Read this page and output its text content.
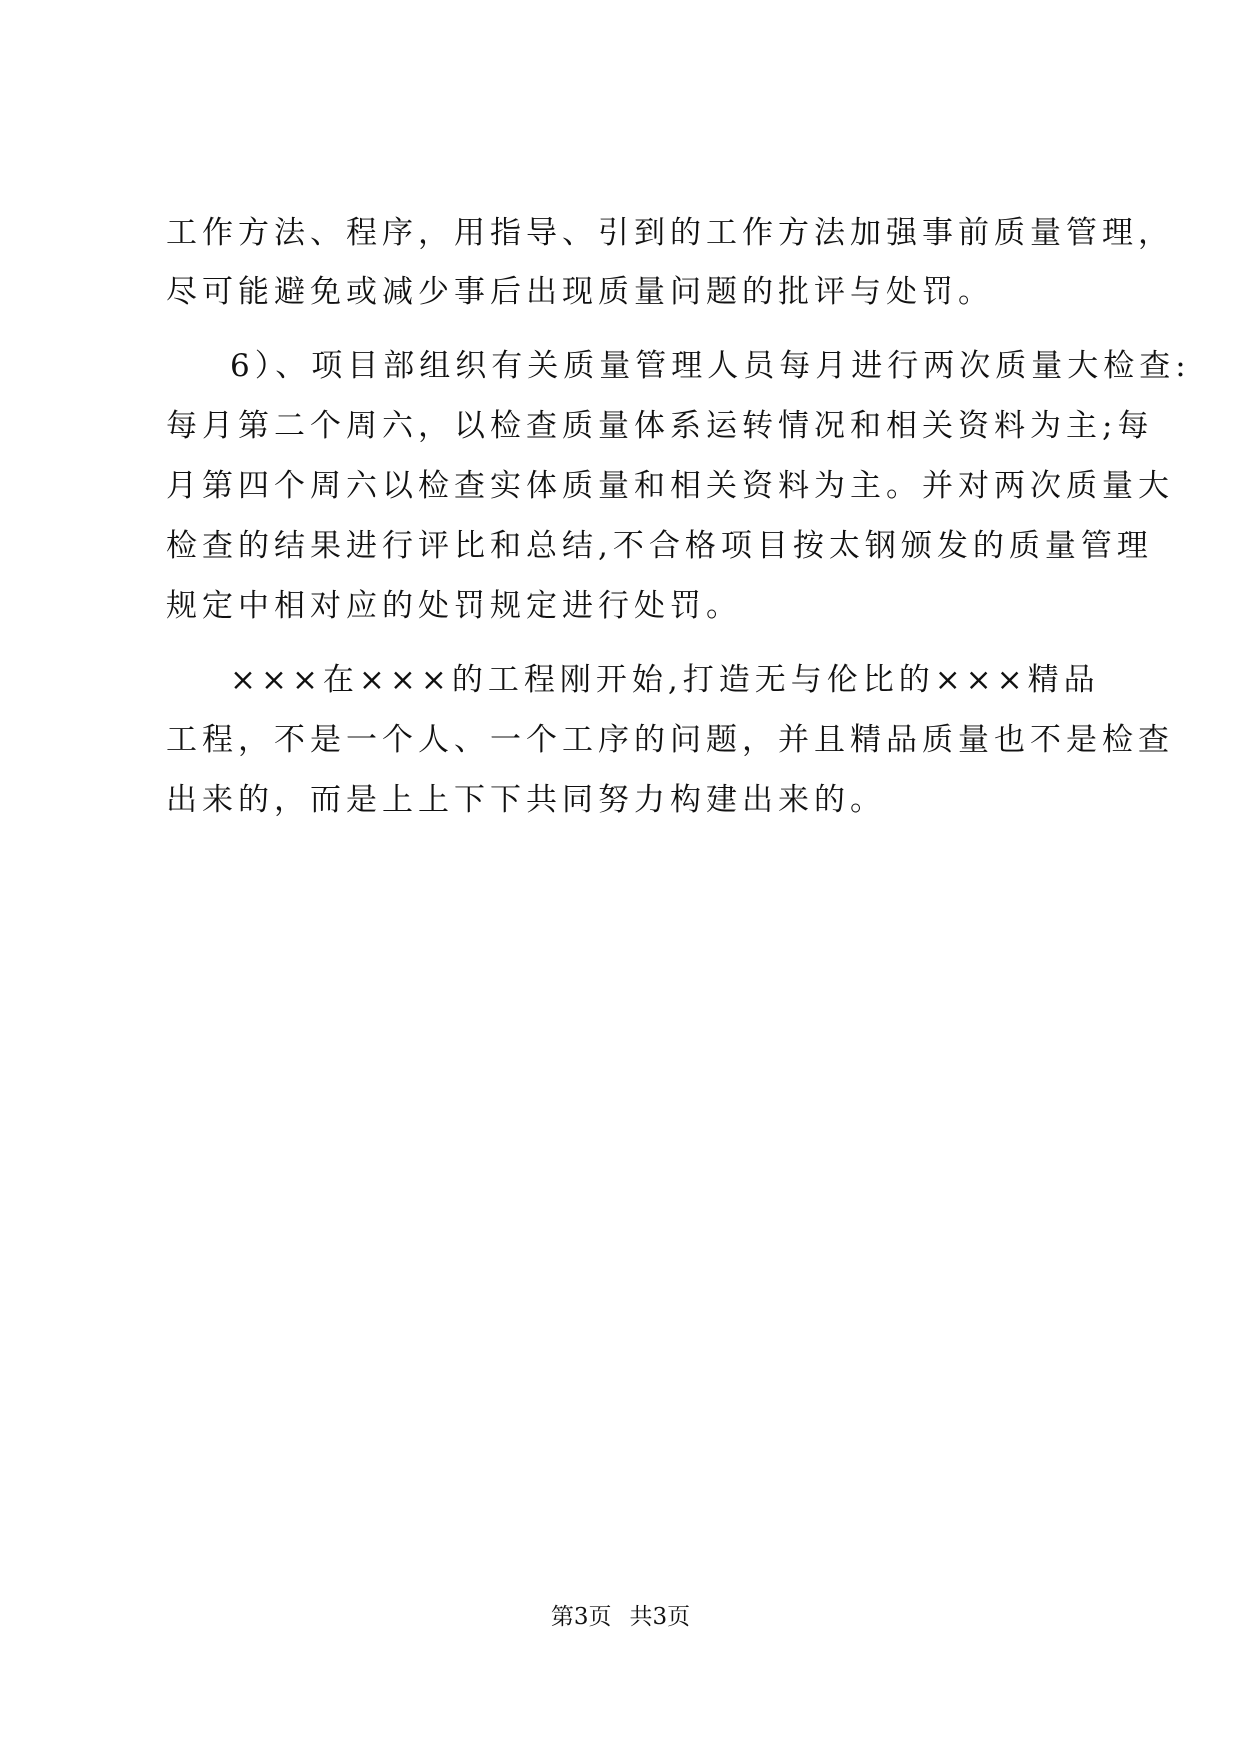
工作方法、程序，用指导、引到的工作方法加强事前质量管理，
尽可能避免或减少事后出现质量问题的批评与处罚。
6）、项目部组织有关质量管理人员每月进行两次质量大检查:
每月第二个周六，以检查质量体系运转情况和相关资料为主;每
月第四个周六以检查实体质量和相关资料为主。并对两次质量大
检查的结果进行评比和总结,不合格项目按太钢颁发的质量管理
规定中相对应的处罚规定进行处罚。
×××在×××的工程刚开始,打造无与伦比的×××精品
工程，不是一个人、一个工序的问题，并且精品质量也不是检查
出来的，而是上上下下共同努力构建出来的。
第3页 共3页
